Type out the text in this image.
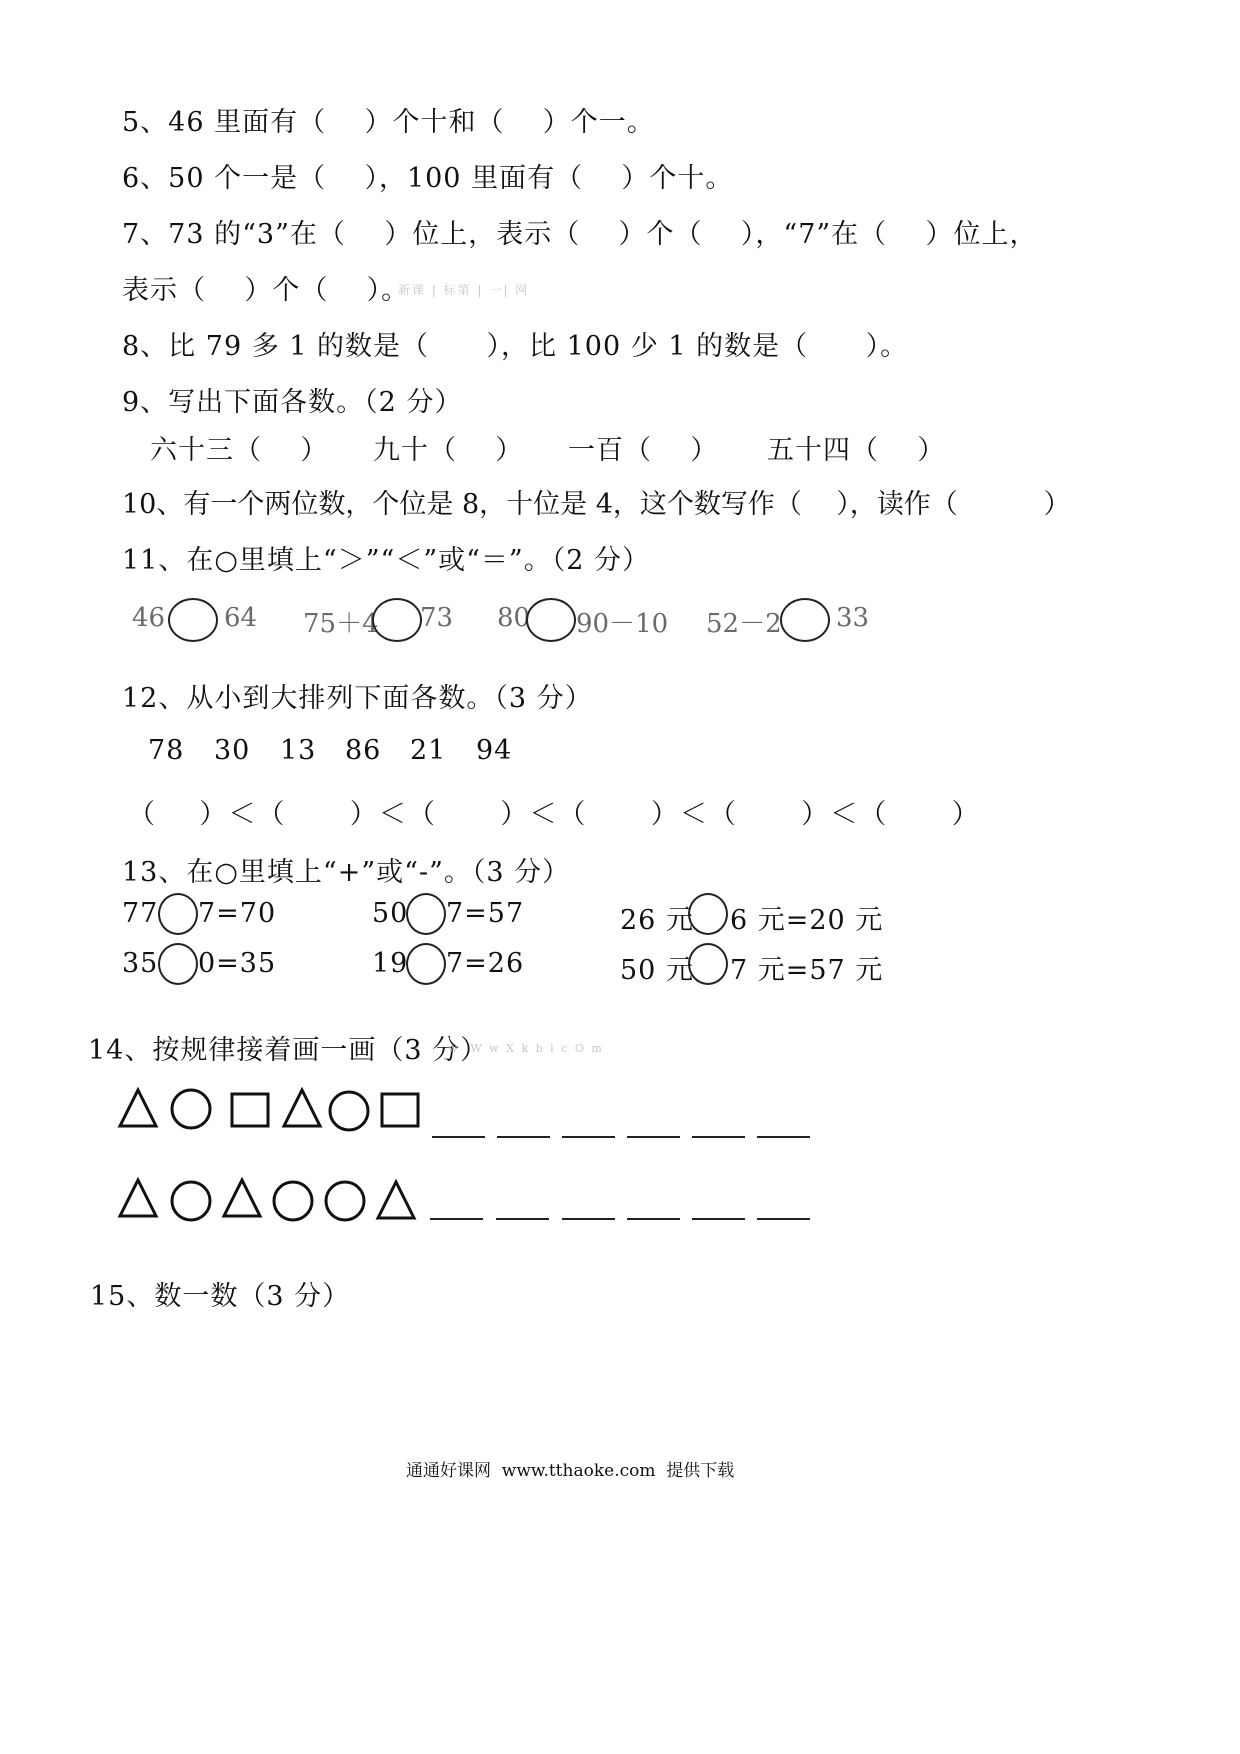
5、46 里面有（    ）个十和（    ）个一。
6、50 个一是（    ），100 里面有（    ）个十。
7、73 的“3”在（    ）位上，表示（    ）个（    ），“7”在（    ）位上，
表示（    ）个（    ）。
新课 | 标第 | 一| 网
8、比 79 多 1 的数是（      ），比 100 少 1 的数是（      ）。
9、写出下面各数。（2 分）
六十三（    ） 九十（    ） 一百（    ） 五十四（    ）
10、有一个两位数，个位是 8，十位是 4，这个数写作（    ），读作（          ）
11、在○里填上“＞”“＜”或“＝”。（2 分）
46 64 75＋4 73 80 90－10 52－2 33
12、从小到大排列下面各数。（3 分）
78 30 13 86 21 94
（    ）＜（      ）＜（      ）＜（      ）＜（      ）＜（      ）
13、在○里填上“+”或“-”。（3 分）
77 7=70	50 7=57	26 元 6 元=20 元
35 0=35	19 7=26	50 元 7 元=57 元
14、按规律接着画一画（3 分）
w  W w X k b l c O m
15、数一数（3 分）
通通好课网  www.tthaoke.com  提供下载
